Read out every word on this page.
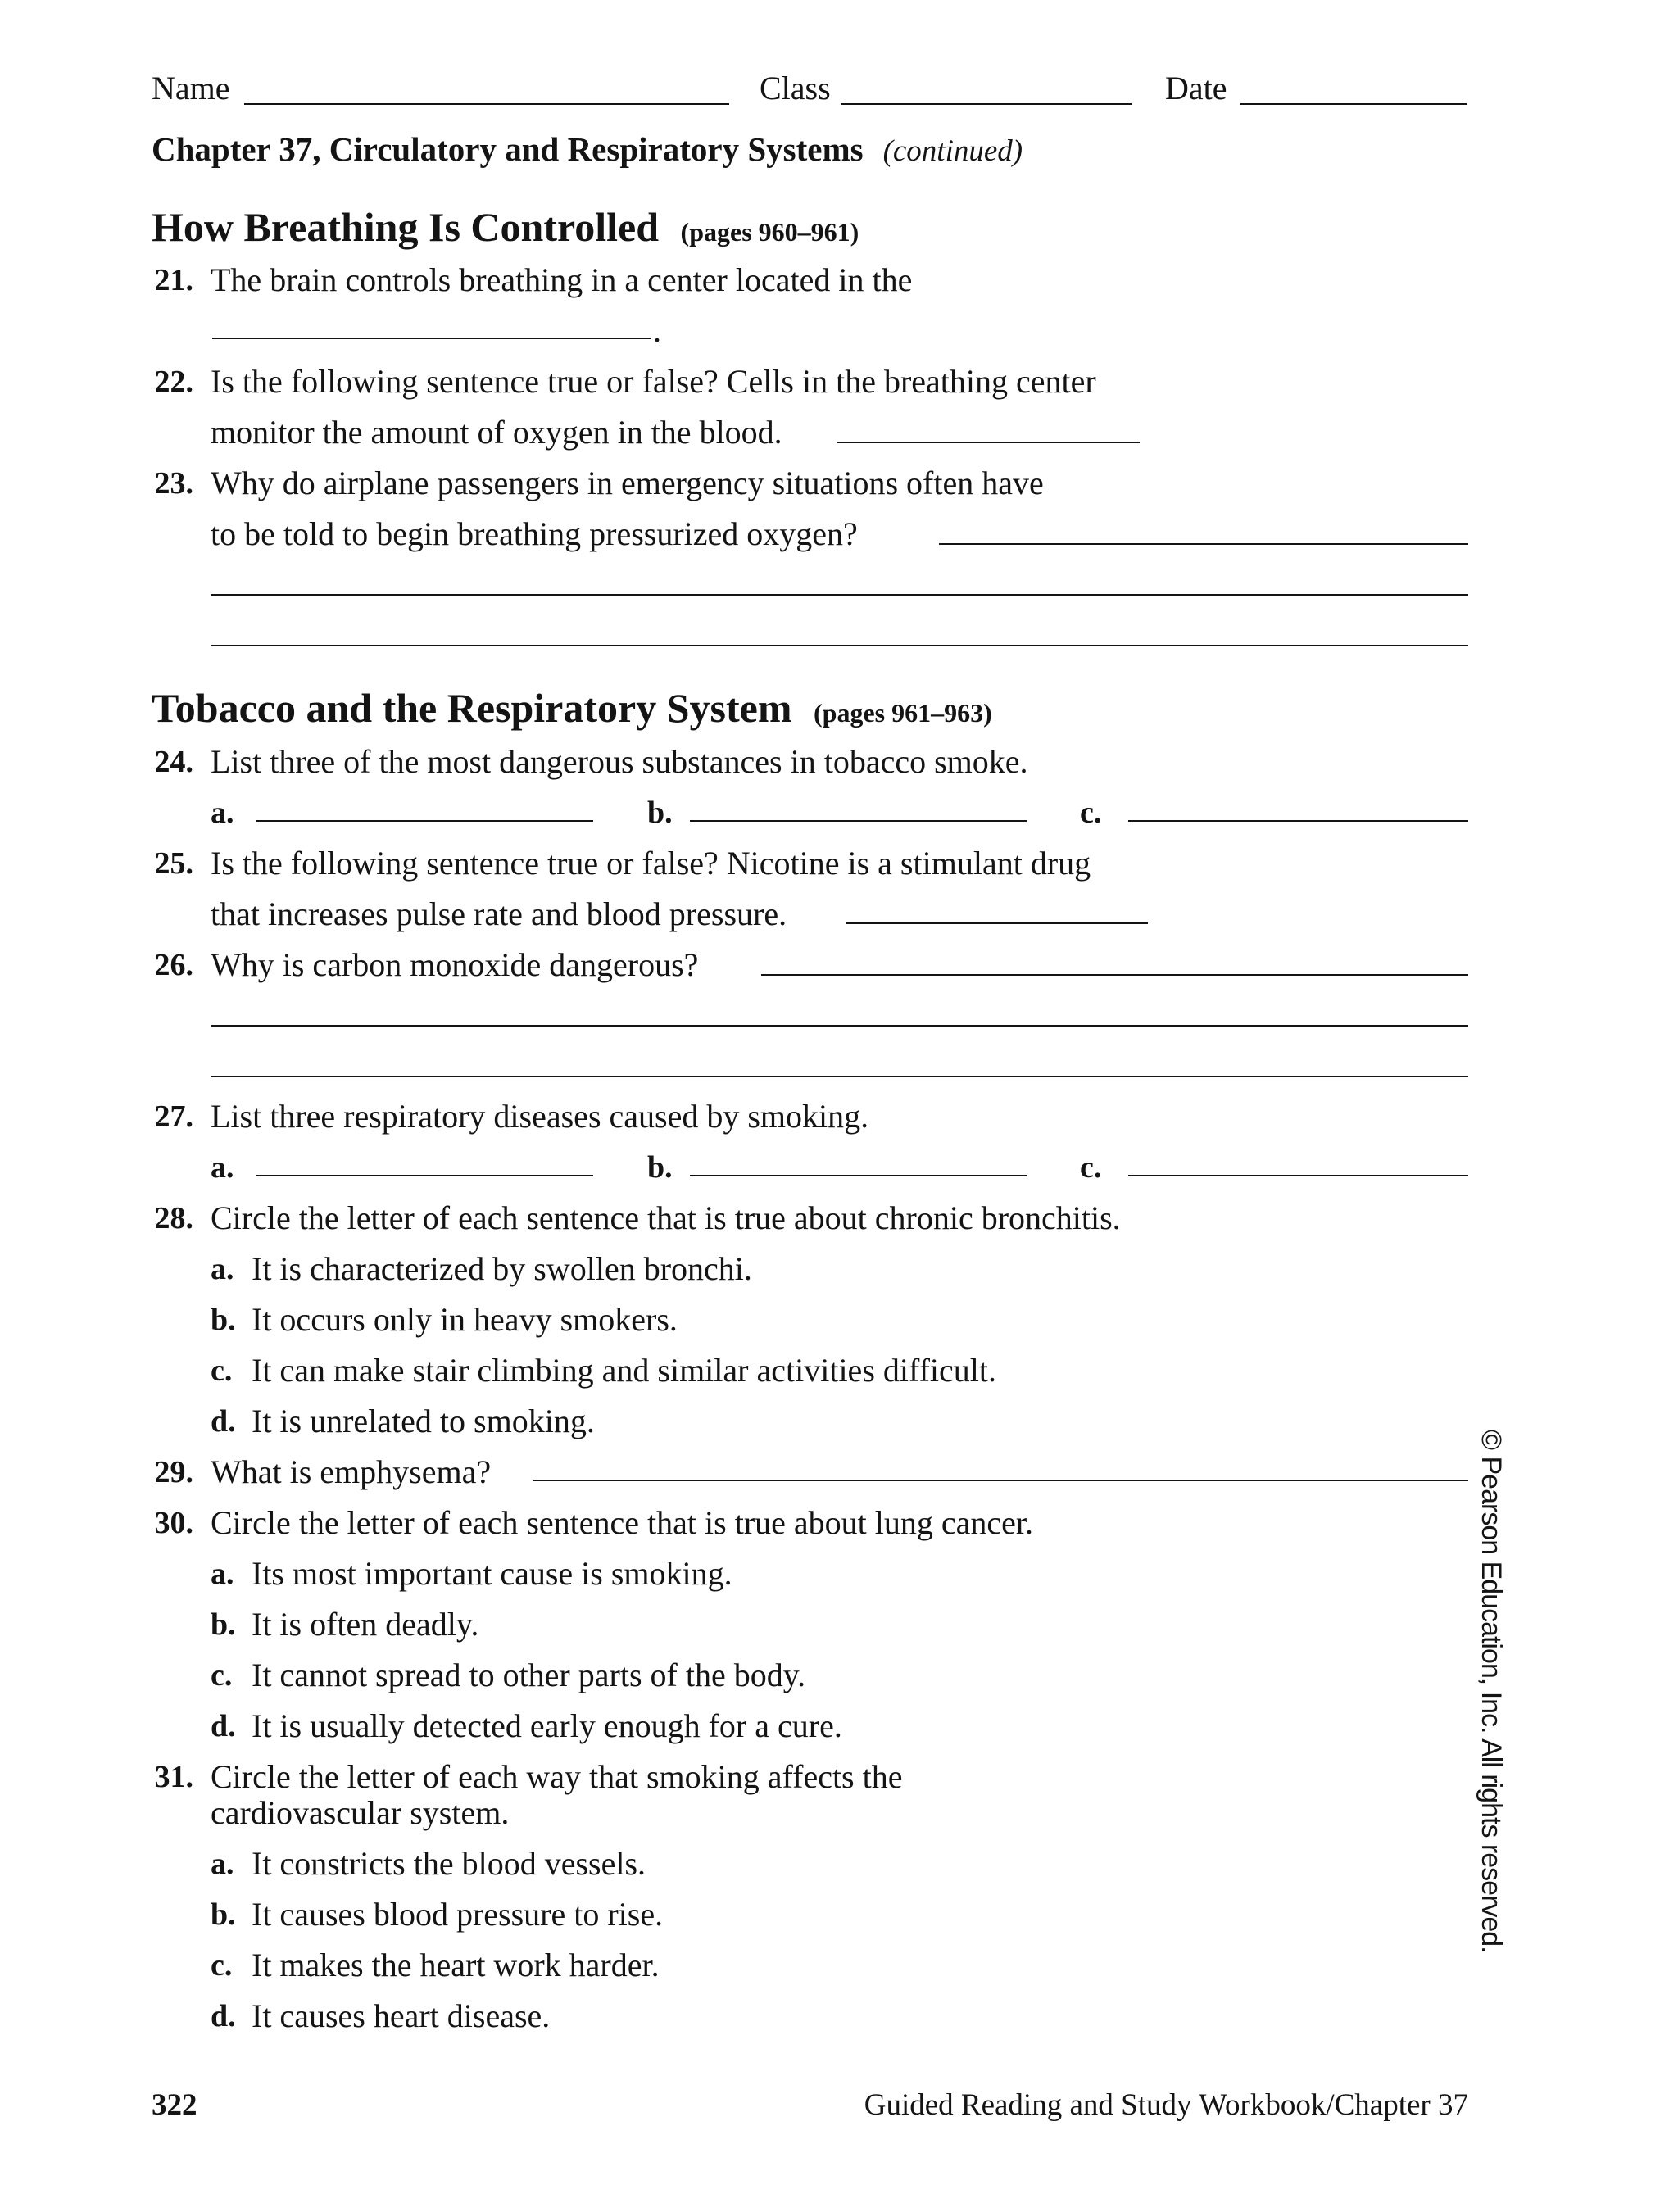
Name	Class	Date
Chapter 37, Circulatory and Respiratory Systems (continued)
How Breathing Is Controlled (pages 960–961)
21. The brain controls breathing in a center located in the
.
22. Is the following sentence true or false? Cells in the breathing center
monitor the amount of oxygen in the blood.
23. Why do airplane passengers in emergency situations often have
to be told to begin breathing pressurized oxygen?
Tobacco and the Respiratory System (pages 961–963)
24. List three of the most dangerous substances in tobacco smoke.
a.	b.	c.
25. Is the following sentence true or false? Nicotine is a stimulant drug
that increases pulse rate and blood pressure.
26. Why is carbon monoxide dangerous?
27. List three respiratory diseases caused by smoking.
a.	b.	c.
28. Circle the letter of each sentence that is true about chronic bronchitis.
a. It is characterized by swollen bronchi.
b. It occurs only in heavy smokers.
c. It can make stair climbing and similar activities difficult.
d. It is unrelated to smoking.
29. What is emphysema?
30. Circle the letter of each sentence that is true about lung cancer.
a. Its most important cause is smoking.
b. It is often deadly.
c. It cannot spread to other parts of the body.
d. It is usually detected early enough for a cure.
31. Circle the letter of each way that smoking affects the
cardiovascular system.
a. It constricts the blood vessels.
b. It causes blood pressure to rise.
c. It makes the heart work harder.
d. It causes heart disease.
© Pearson Education, Inc. All rights reserved.
322	Guided Reading and Study Workbook/Chapter 37
